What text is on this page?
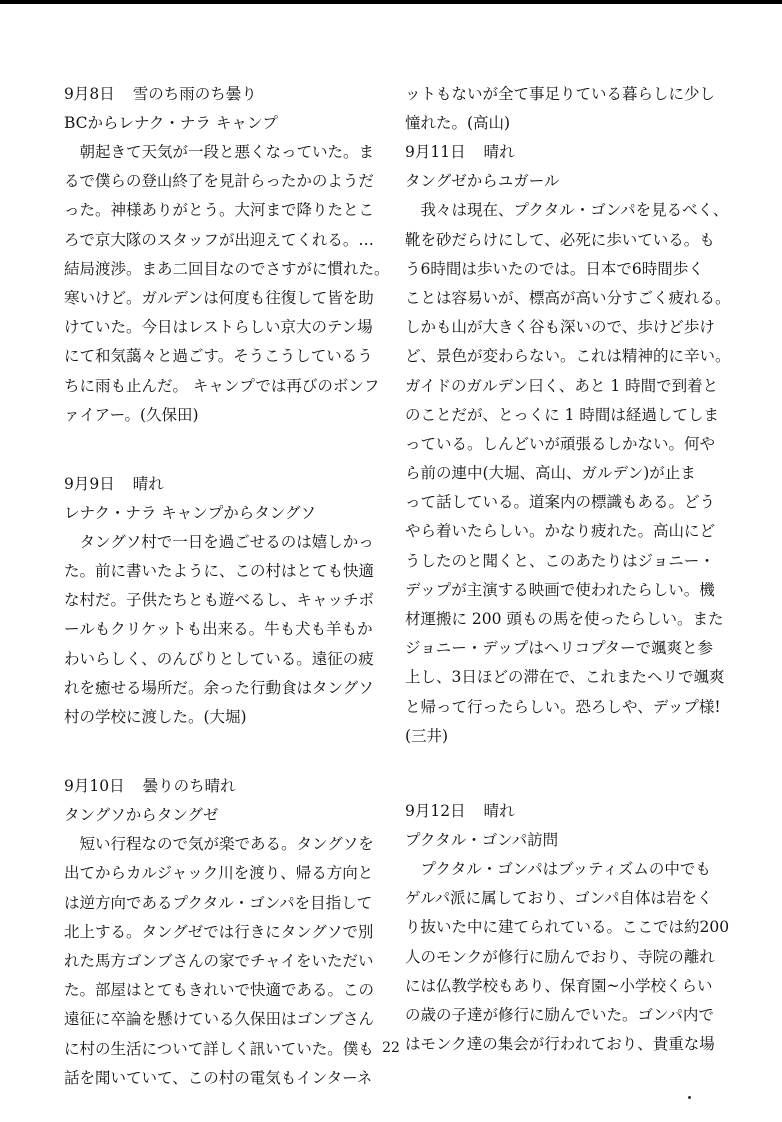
9月8日 雪のち雨のち曇り

BCからレナク・ナラ キャンプ

　朝起きて天気が一段と悪くなっていた。ま
るで僕らの登山終了を見計らったかのようだ
った。神様ありがとう。大河まで降りたとこ
ろで京大隊のスタッフが出迎えてくれる。…
結局渡渉。まあ二回目なのでさすがに慣れた。
寒いけど。ガルデンは何度も往復して皆を助
けていた。今日はレストらしい京大のテン場
にて和気藹々と過ごす。そうこうしているう
ちに雨も止んだ。 キャンプでは再びのボンフ
ァイアー。(久保田)

9月9日 晴れ

レナク・ナラ キャンプからタングソ

　タングソ村で一日を過ごせるのは嬉しかっ
た。前に書いたように、この村はとても快適
な村だ。子供たちとも遊べるし、キャッチボ
ールもクリケットも出来る。牛も犬も羊もか
わいらしく、のんびりとしている。遠征の疲
れを癒せる場所だ。余った行動食はタングソ
村の学校に渡した。(大堀)

9月10日 曇りのち晴れ

タングソからタングゼ

　短い行程なので気が楽である。タングソを
出てからカルジャック川を渡り、帰る方向と
は逆方向であるプクタル・ゴンパを目指して
北上する。タングゼでは行きにタングソで別
れた馬方ゴンブさんの家でチャイをいただい
た。部屋はとてもきれいで快適である。この
遠征に卒論を懸けている久保田はゴンブさん
に村の生活について詳しく訊いていた。僕も
話を聞いていて、この村の電気もインターネ
ットもないが全て事足りている暮らしに少し
憧れた。(高山)

9月11日 晴れ

タングゼからユガール

　我々は現在、プクタル・ゴンパを見るべく、
靴を砂だらけにして、必死に歩いている。も
う6時間は歩いたのでは。日本で6時間歩く
ことは容易いが、標高が高い分すごく疲れる。
しかも山が大きく谷も深いので、歩けど歩け
ど、景色が変わらない。これは精神的に辛い。
ガイドのガルデン曰く、あと 1 時間で到着と
のことだが、とっくに 1 時間は経過してしま
っている。しんどいが頑張るしかない。何や
ら前の連中(大堀、高山、ガルデン)が止ま
って話している。道案内の標識もある。どう
やら着いたらしい。かなり疲れた。高山にど
うしたのと聞くと、このあたりはジョニー・
デップが主演する映画で使われたらしい。機
材運搬に 200 頭もの馬を使ったらしい。また
ジョニー・デップはヘリコプターで颯爽と参
上し、3日ほどの滞在で、これまたヘリで颯爽
と帰って行ったらしい。恐ろしや、デップ様!
(三井)

9月12日 晴れ

プクタル・ゴンパ訪問

　プクタル・ゴンパはブッティズムの中でも
ゲルパ派に属しており、ゴンパ自体は岩をく
り抜いた中に建てられている。ここでは約200
人のモンクが修行に励んでおり、寺院の離れ
には仏教学校もあり、保育園~小学校くらい
の歳の子達が修行に励んでいた。ゴンパ内で
はモンク達の集会が行われており、貴重な場
22
